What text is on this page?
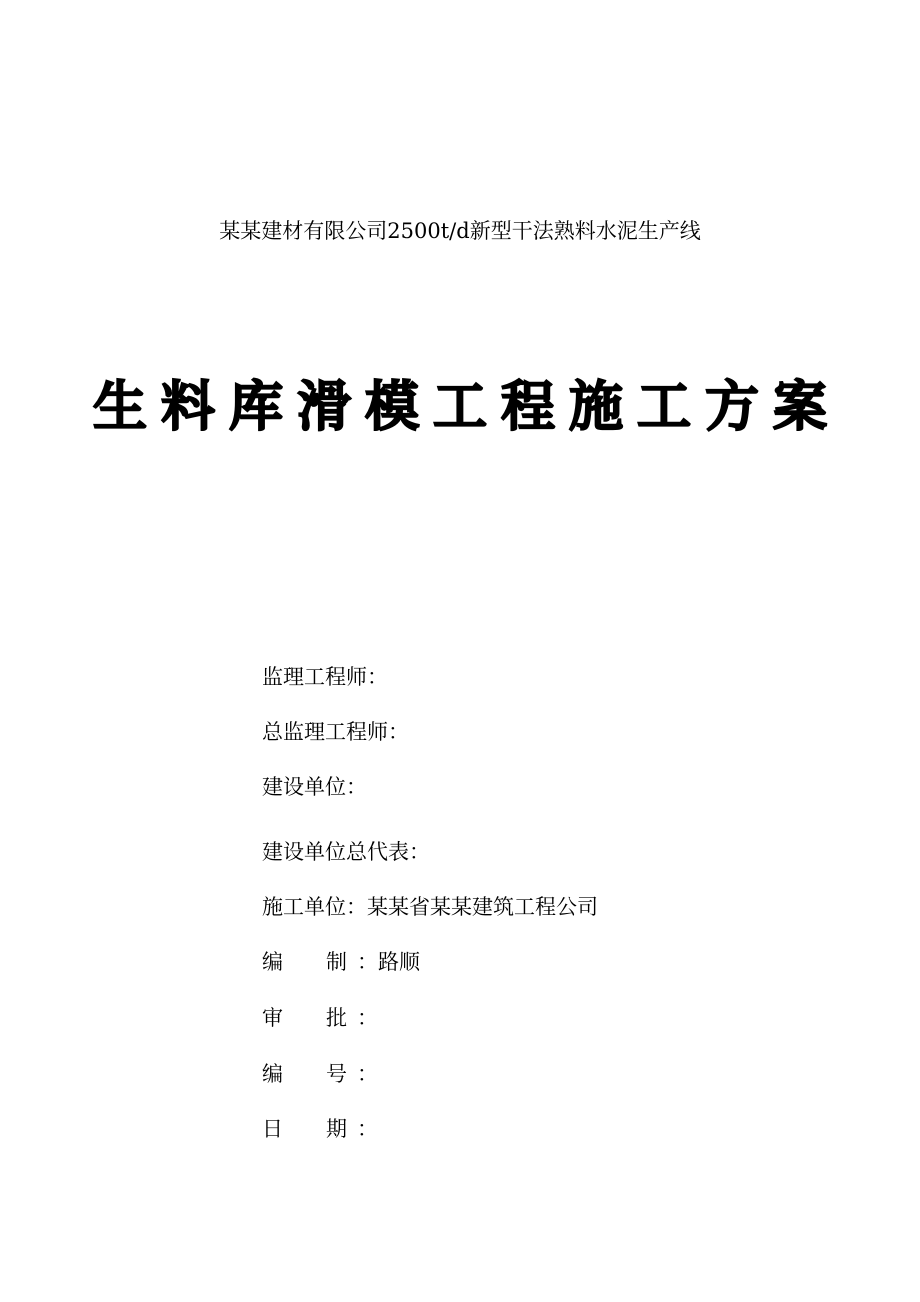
某某建材有限公司2500t/d新型干法熟料水泥生产线
生料库滑模工程施工方案
监理工程师：
总监理工程师：
建设单位：
建设单位总代表：
施工单位：某某省某某建筑工程公司
编 制 ：路顺
审 批 ：
编 号 ：
日 期 ：
